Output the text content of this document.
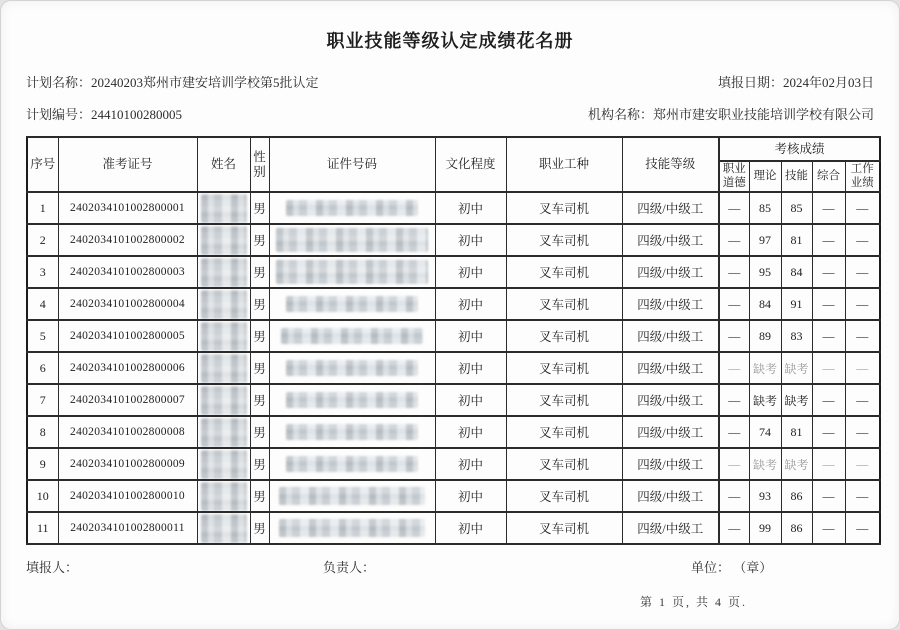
职业技能等级认定成绩花名册
计划名称：20240203郑州市建安培训学校第5批认定	填报日期：2024年02月03日
计划编号：24410100280005	机构名称：郑州市建安职业技能培训学校有限公司
序号	准考证号	姓名	性别	证件号码	文化程度	职业工种	技能等级	考核成绩				
								职业道德	理论	技能	综合	工作业绩
1	2402034101002800001		男		初中	叉车司机	四级/中级工	—	85	85	—	—
2	2402034101002800002		男		初中	叉车司机	四级/中级工	—	97	81	—	—
3	2402034101002800003		男		初中	叉车司机	四级/中级工	—	95	84	—	—
4	2402034101002800004		男		初中	叉车司机	四级/中级工	—	84	91	—	—
5	2402034101002800005		男		初中	叉车司机	四级/中级工	—	89	83	—	—
6	2402034101002800006		男		初中	叉车司机	四级/中级工	—	缺考	缺考	—	—
7	2402034101002800007		男		初中	叉车司机	四级/中级工	—	缺考	缺考	—	—
8	2402034101002800008		男		初中	叉车司机	四级/中级工	—	74	81	—	—
9	2402034101002800009		男		初中	叉车司机	四级/中级工	—	缺考	缺考	—	—
10	2402034101002800010		男		初中	叉车司机	四级/中级工	—	93	86	—	—
11	2402034101002800011		男		初中	叉车司机	四级/中级工	—	99	86	—	—
填报人：	负责人：	单位： （章）
第 1 页, 共 4 页.
